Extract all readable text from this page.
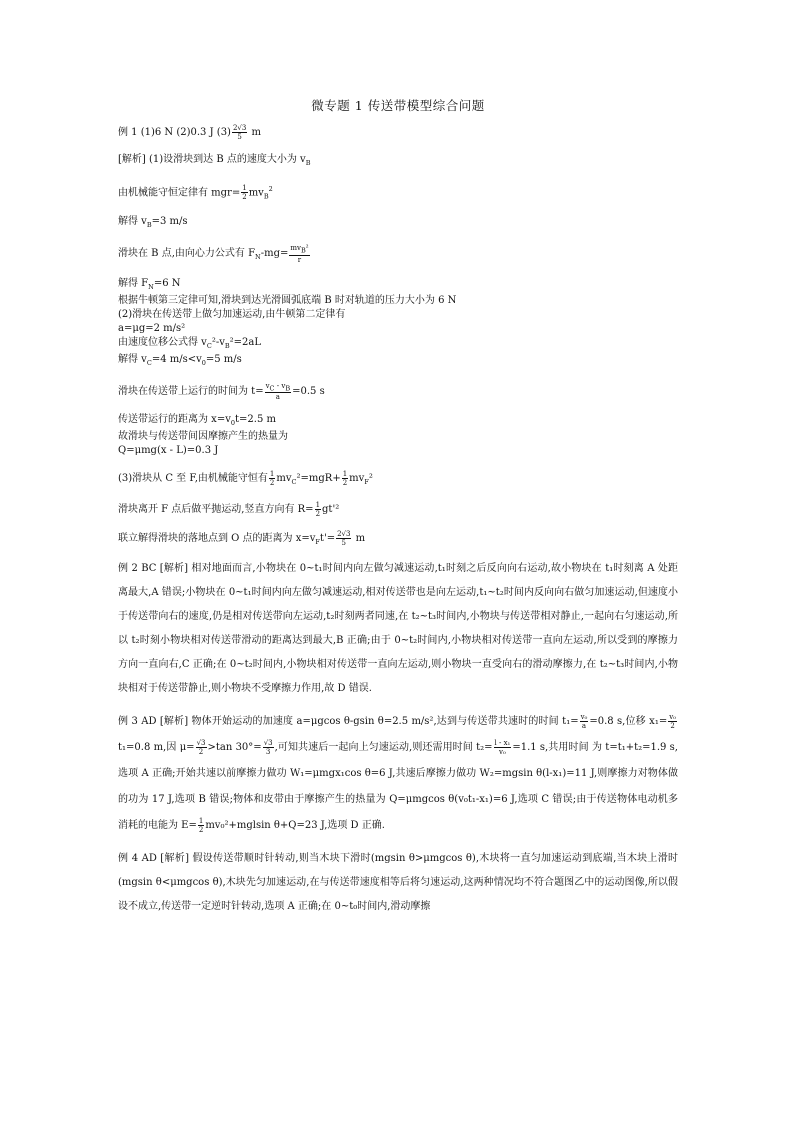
微专题 1 传送带模型综合问题
例 1 (1)6 N (2)0.3 J $(3) \frac{2√3}{5}$ m
[解析] (1)设滑块到达 B 点的速度大小为 $v_B$
由机械能守恒定律有 $mgr= \frac{1}{2} mv_B^2$
解得 $v_B=3$ m/s
滑块在 B 点,由向心力公式有 $F_N-mg= \frac{mv_B^2}{r}$
解得 $F_N=6$ N
根据牛顿第三定律可知,滑块到达光滑圆弧底端 B 时对轨道的压力大小为 6 N
(2)滑块在传送带上做匀加速运动,由牛顿第二定律有
a=μg=2 m/s²
由速度位移公式得 $v_C^2-v_B^2=2aL$
解得 $v_C=4$ $m/s<v_0=5$ m/s
滑块在传送带上运行的时间为 $t= \frac{v_C - v_B}{a} =0.5$ s
传送带运行的距离为 $x=v_0t=2.5$ m
故滑块与传送带间因摩擦产生的热量为
Q=μmg(x - L)=0.3 J
(3)滑块从 C 至 F,由机械能守恒有 $\frac{1}{2} mv_C^2=mgR+ \frac{1}{2} mv_F^2$
滑块离开 F 点后做平抛运动,竖直方向有 $R= \frac{1}{2} gt'^2$
联立解得滑块的落地点到 O 点的距离为 $x=v_Ft'= \frac{2√3}{5}$ m
例 2 BC [解析] 相对地面而言,小物块在 0~t₁时间内向左做匀减速运动,t₁时刻之后反向向右运动,故小物块在 t₁时刻离 A 处距离最大,A 错误;小物块在 0~t₁时间内向左做匀减速运动,相对传送带也是向左运动,t₁~t₂时间内反向向右做匀加速运动,但速度小于传送带向右的速度,仍是相对传送带向左运动,t₂时刻两者同速,在 t₂~t₃时间内,小物块与传送带相对静止,一起向右匀速运动,所以 t₂时刻小物块相对传送带滑动的距离达到最大,B 正确;由于 0~t₂时间内,小物块相对传送带一直向左运动,所以受到的摩擦力方向一直向右,C 正确;在 0~t₂时间内,小物块相对传送带一直向左运动,则小物块一直受向右的滑动摩擦力,在 t₂~t₃时间内,小物块相对于传送带静止,则小物块不受摩擦力作用,故 D 错误.
例 3 AD [解析] 物体开始运动的加速度 a=μgcos θ-gsin θ=2.5 m/s²,达到与传送带共速时的时间 $t_1= \frac{\text{v₀}}{a} =0.8$ s,位移 $x_1= \frac{\text{v₀}}{2}$
t₁=0.8 m,因 $\mu= \frac{√3}{2} >\tan$ $30^\circ= \frac{√3}{3}$ ,可知共速后一起向上匀速运动,则还需用时间 $t_2= \frac{\text{l - x₁}}{\text{v₀}} =1.1$ s,共用时间 为 t=t₁+t₂=1.9 s,选项 A 正确;开始共速以前摩擦力做功 W₁=μmgx₁cos θ=6 J,共速后摩擦力做功 W₂=mgsin θ(l-x₁)=11 J,则摩擦力对物体做的功为 17 J,选项 B 错误;物体和皮带由于摩擦产生的热量为 Q=μmgcos θ(v₀t₁-x₁)=6 J,选项 C 错误;由于传送物体电动机多消耗的电能为 $E= \frac{1}{2} mv_0^2+mglsin$ θ+Q=23 J,选项 D 正确.
例 4 AD [解析] 假设传送带顺时针转动,则当木块下滑时(mgsin θ>μmgcos θ),木块将一直匀加速运动到底端,当木块上滑时(mgsin θ<μmgcos θ),木块先匀加速运动,在与传送带速度相等后将匀速运动,这两种情况均不符合题图乙中的运动图像,所以假设不成立,传送带一定逆时针转动,选项 A 正确;在 0~t₀时间内,滑动摩擦
